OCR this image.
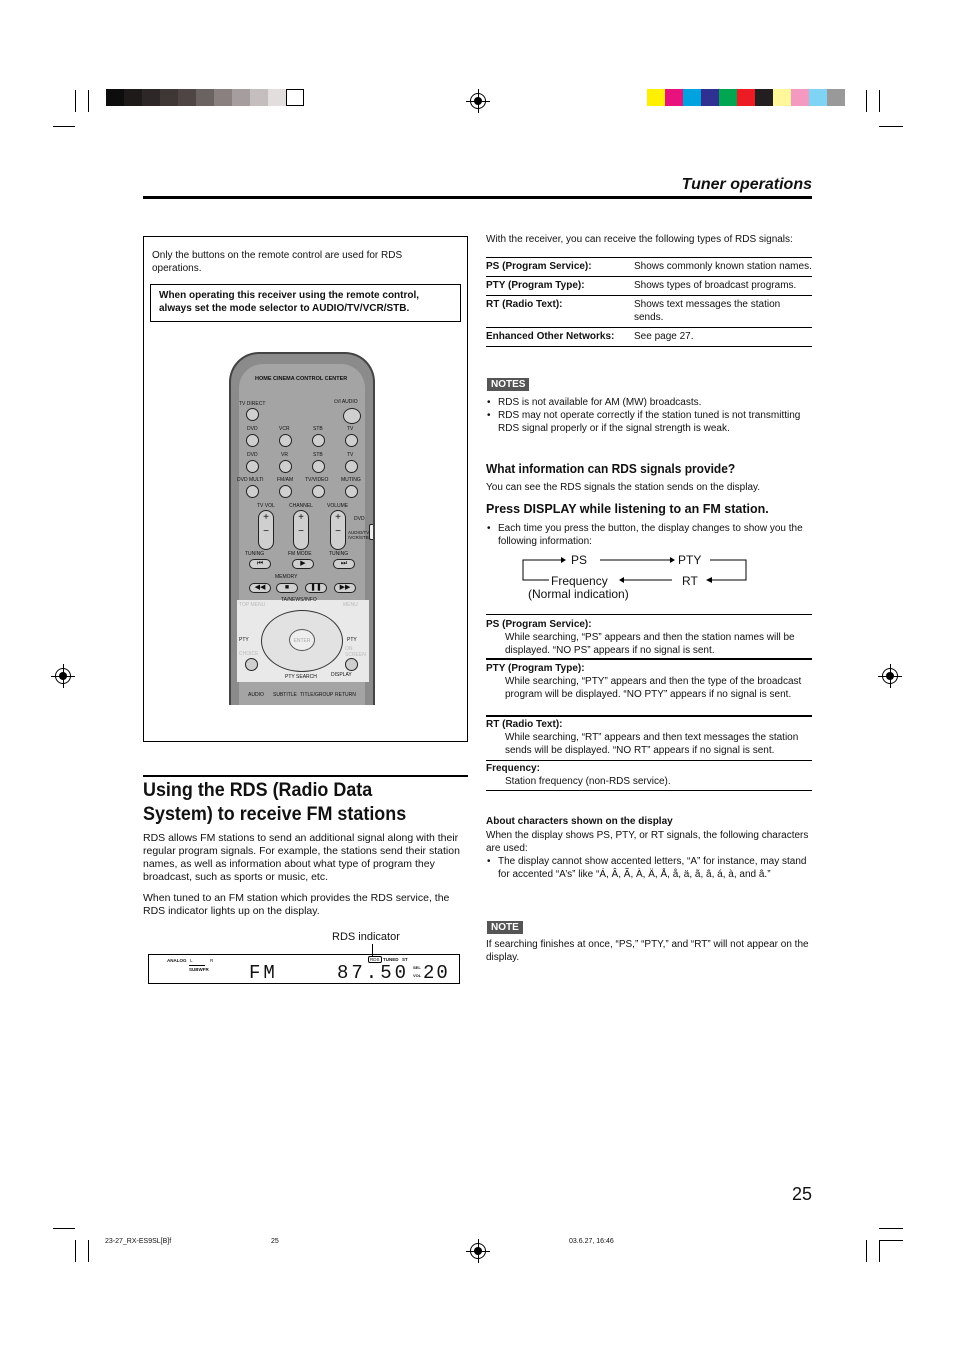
Tuner operations
Only the buttons on the remote control are used for RDS operations.
When operating this receiver using the remote control, always set the mode selector to AUDIO/TV/VCR/STB.
HOME CINEMA CONTROL CENTER
TV DIRECT	⏻/I AUDIO
DVD	VCR	STB	TV
DVD	VR	STB	TV
DVD MULTI	FM/AM TV/VIDEO	MUTING
TV VOL	CHANNEL	VOLUME
+
−
+
−
+
−
DVD
AUDIO/TV /VCR/STB
TUNING	FM MODE	TUNING
⏮	▶	⏭
MEMORY
◀◀	■	❚❚	▶▶
TA/NEWS/INFO
TOP MENU	MENU
ENTER
PTY	PTY
CHOICE
ON SCREEN
PTY SEARCH	DISPLAY
AUDIO SUBTITLE TITLE/GROUP RETURN
Using the RDS (Radio Data System) to receive FM stations
RDS allows FM stations to send an additional signal along with their regular program signals. For example, the stations send their station names, as well as information about what type of program they broadcast, such as sports or music, etc.
When tuned to an FM station which provides the RDS service, the RDS indicator lights up on the display.
RDS indicator
ANALOG L	R
SUBWFR
RDS TUNED ST
FM	87.50 SEL
VOL 20
With the receiver, you can receive the following types of RDS signals:
PS (Program Service):	Shows commonly known station names.
PTY (Program Type):	Shows types of broadcast programs.
RT (Radio Text):	Shows text messages the station sends.
Enhanced Other Networks:	See page 27.
NOTES
• RDS is not available for AM (MW) broadcasts.
• RDS may not operate correctly if the station tuned is not transmitting RDS signal properly or if the signal strength is weak.
What information can RDS signals provide?
You can see the RDS signals the station sends on the display.
Press DISPLAY while listening to an FM station.
• Each time you press the button, the display changes to show you the following information:
PS	PTY
Frequency	RT
(Normal indication)
PS (Program Service):
While searching, “PS” appears and then the station names will be displayed. “NO PS” appears if no signal is sent.
PTY (Program Type):
While searching, “PTY” appears and then the type of the broadcast program will be displayed. “NO PTY” appears if no signal is sent.
RT (Radio Text):
While searching, “RT” appears and then text messages the station sends will be displayed. “NO RT” appears if no signal is sent.
Frequency:
Station frequency (non-RDS service).
About characters shown on the display
When the display shows PS, PTY, or RT signals, the following characters are used:
• The display cannot show accented letters, “A” for instance, may stand for accented “A’s” like “Á, Â, Ã, À, Ä, Å, å, ä, ã, â, á, à, and â.”
NOTE
If searching finishes at once, “PS,” “PTY,” and “RT” will not appear on the display.
25
23-27_RX-ES9SL[B]f	25	03.6.27, 16:46
